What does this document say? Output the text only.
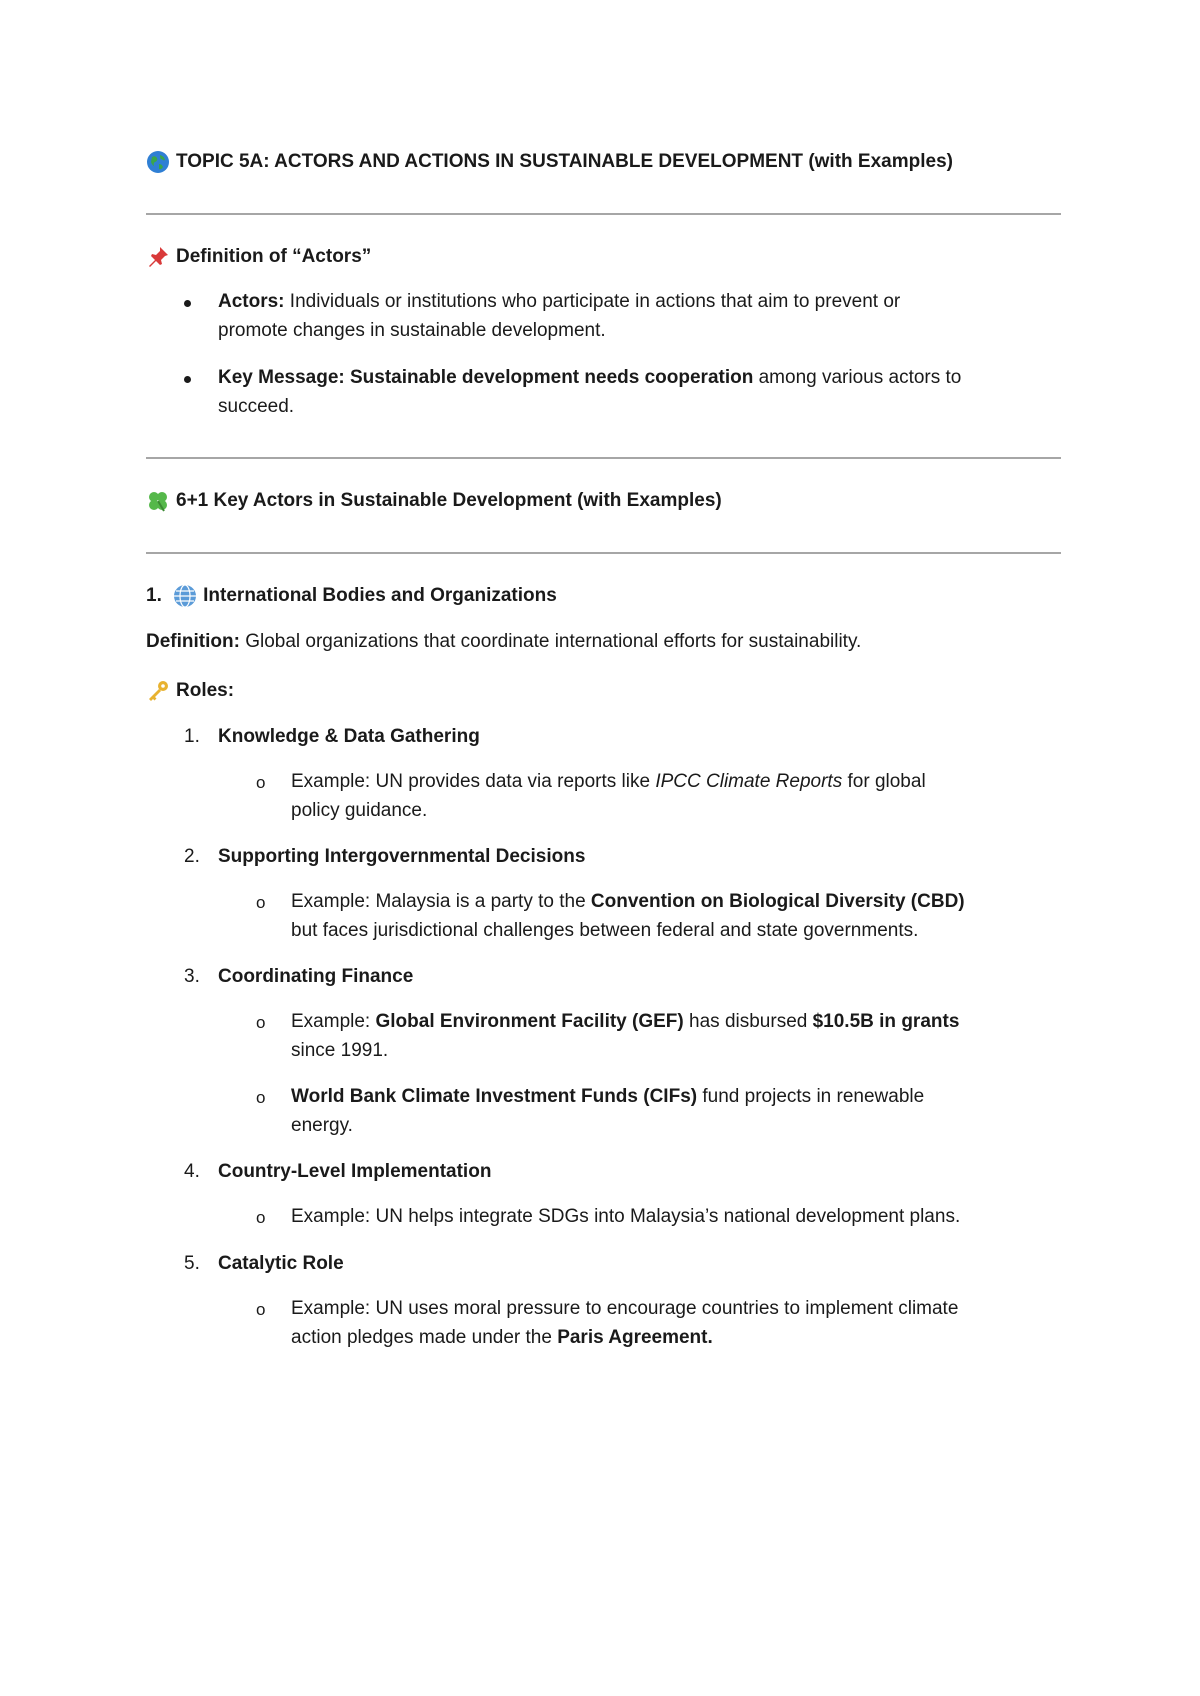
TOPIC 5A: ACTORS AND ACTIONS IN SUSTAINABLE DEVELOPMENT (with Examples)
Definition of “Actors”
Actors: Individuals or institutions who participate in actions that aim to prevent or
promote changes in sustainable development.
Key Message: Sustainable development needs cooperation among various actors to
succeed.
6+1 Key Actors in Sustainable Development (with Examples)
1. International Bodies and Organizations
Definition: Global organizations that coordinate international efforts for sustainability.
Roles:
1. Knowledge & Data Gathering
o Example: UN provides data via reports like IPCC Climate Reports for global
policy guidance.
2. Supporting Intergovernmental Decisions
o Example: Malaysia is a party to the Convention on Biological Diversity (CBD)
but faces jurisdictional challenges between federal and state governments.
3. Coordinating Finance
o Example: Global Environment Facility (GEF) has disbursed $10.5B in grants
since 1991.
o World Bank Climate Investment Funds (CIFs) fund projects in renewable
energy.
4. Country-Level Implementation
o Example: UN helps integrate SDGs into Malaysia’s national development plans.
5. Catalytic Role
o Example: UN uses moral pressure to encourage countries to implement climate
action pledges made under the Paris Agreement.
